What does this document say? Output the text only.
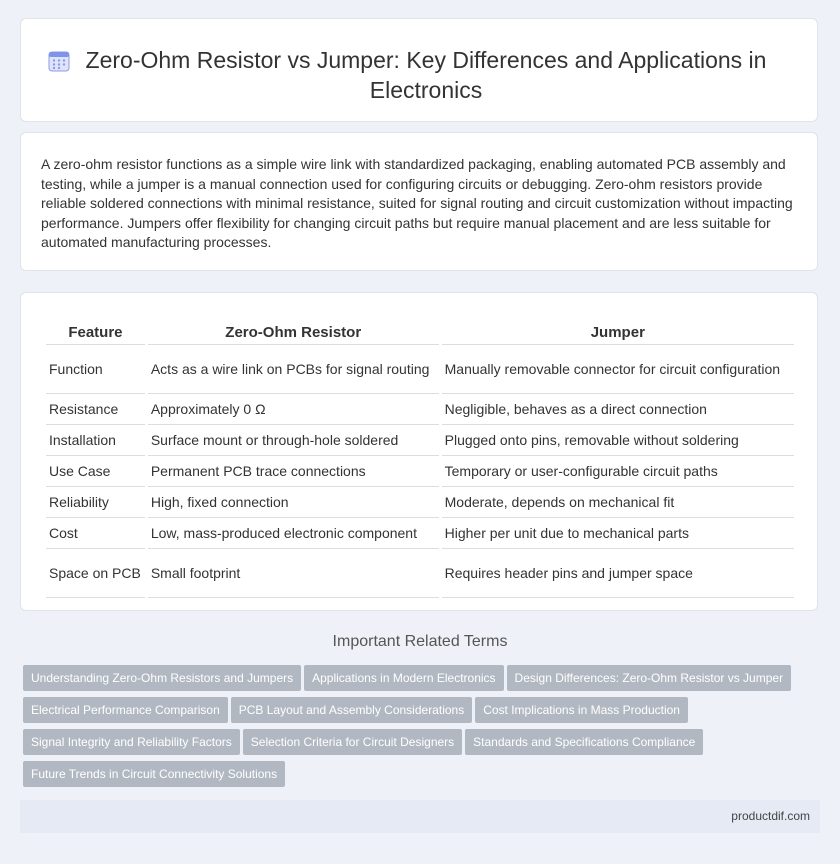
Zero-Ohm Resistor vs Jumper: Key Differences and Applications in Electronics
A zero-ohm resistor functions as a simple wire link with standardized packaging, enabling automated PCB assembly and testing, while a jumper is a manual connection used for configuring circuits or debugging. Zero-ohm resistors provide reliable soldered connections with minimal resistance, suited for signal routing and circuit customization without impacting performance. Jumpers offer flexibility for changing circuit paths but require manual placement and are less suitable for automated manufacturing processes.
Feature	Zero-Ohm Resistor	Jumper
Function	Acts as a wire link on PCBs for signal routing	Manually removable connector for circuit configuration
Resistance	Approximately 0 Ω	Negligible, behaves as a direct connection
Installation	Surface mount or through-hole soldered	Plugged onto pins, removable without soldering
Use Case	Permanent PCB trace connections	Temporary or user-configurable circuit paths
Reliability	High, fixed connection	Moderate, depends on mechanical fit
Cost	Low, mass-produced electronic component	Higher per unit due to mechanical parts
Space on PCB	Small footprint	Requires header pins and jumper space
Important Related Terms
Understanding Zero-Ohm Resistors and Jumpers Applications in Modern Electronics Design Differences: Zero-Ohm Resistor vs Jumper
Electrical Performance Comparison PCB Layout and Assembly Considerations Cost Implications in Mass Production
Signal Integrity and Reliability Factors Selection Criteria for Circuit Designers Standards and Specifications Compliance
Future Trends in Circuit Connectivity Solutions
productdif.com
